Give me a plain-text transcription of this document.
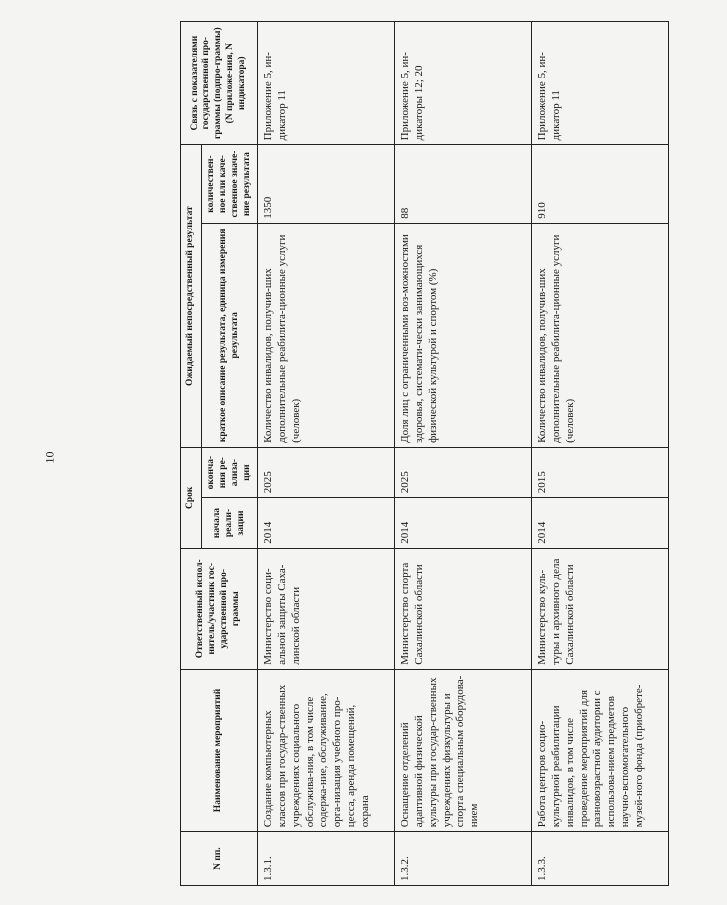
10
N пп.	Наименование мероприятий	Ответственный испол-нитель/участник гос-ударственной про-граммы	Срок		Ожидаемый непосредственный результат		Связь с показателями государственной про-граммы (подпро-граммы) (N приложе-ния, N индикатора)
			начала реали-зации	оконча-ния ре-ализа-ции	краткое описание результата, единица измерения результата	количествен-ное или каче-ственное значе-ние результата	
1.3.1.	Создание компьютерных классов при государ-ственных учреждениях социального обслужива-ния, в том числе содержа-ние, обслуживание, орга-низация учебного про-цесса, аренда помещений, охрана	Министерство соци-альной защиты Саха-линской области	2014	2025	Количество инвалидов, получив-ших дополнительные реабилита-ционные услуги (человек)	1350	Приложение 5, ин-дикатор 11
1.3.2.	Оснащение отделений адаптивной физической культуры при государ-ственных учреждениях физкультуры и спорта специальным оборудова-нием	Министерство спорта Сахалинской области	2014	2025	Доля лиц с ограниченными воз-можностями здоровья, системати-чески занимающихся физической культурой и спортом (%)	88	Приложение 5, ин-дикаторы 12; 20
1.3.3.	Работа центров социо-культурной реабилитации инвалидов, в том числе проведение мероприятий для разновозрастной аудитории с использова-нием предметов научно-вспомогательного музей-ного фонда (приобрете-	Министерство куль-туры и архивного дела Сахалинской области	2014	2015	Количество инвалидов, получив-ших дополнительные реабилита-ционные услуги (человек)	910	Приложение 5, ин-дикатор 11
